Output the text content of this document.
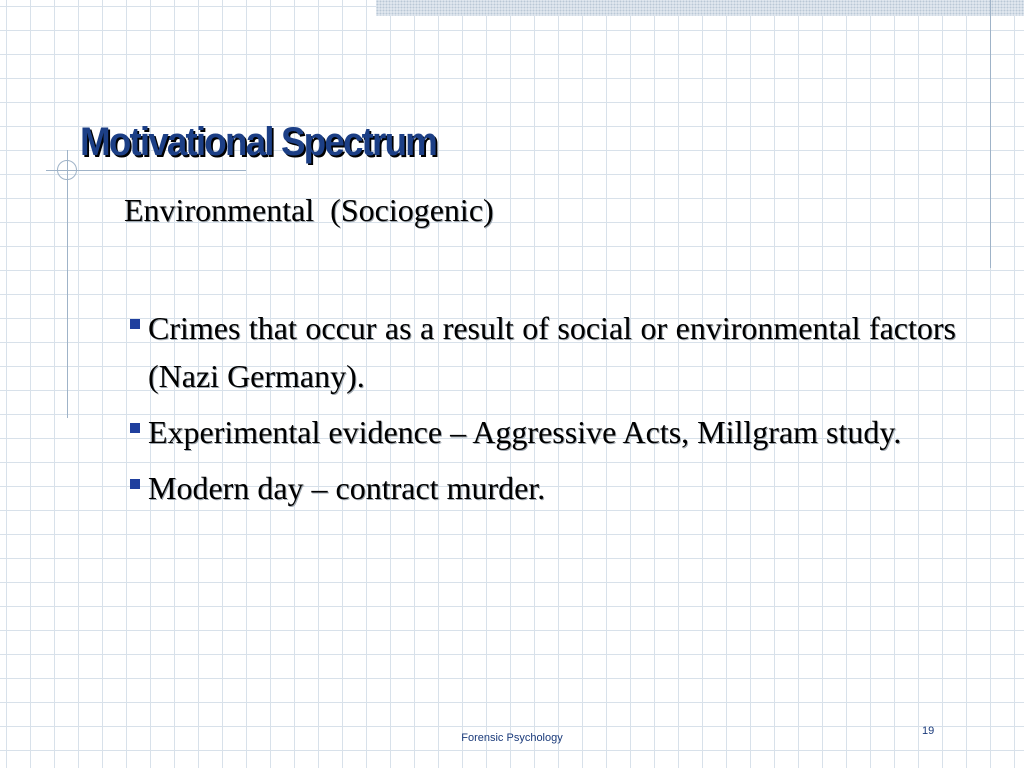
Motivational Spectrum
Environmental  (Sociogenic)
Crimes that occur as a result of social or environmental factors (Nazi Germany).
Experimental evidence – Aggressive Acts, Millgram study.
Modern day – contract murder.
Forensic Psychology
19
